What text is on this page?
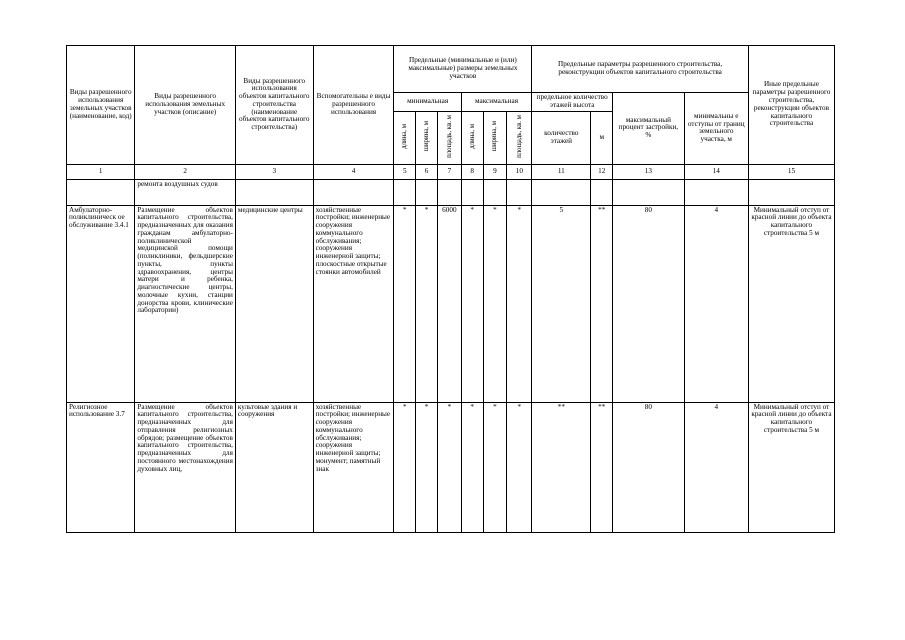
Виды разрешенного использования земельных участков (наименование, код)	Виды разрешенного использования земельных участков (описание)	Виды разрешенного использования объектов капитального строительства (наименование объектов капитального строительства)	Вспомогательны е виды разрешенного использования	Предельные (минимальные и (или) максимальные) размеры земельных участков						Предельные параметры разрешенного строительства, реконструкции объектов капитального строительства				Иные предельные параметры разрешенного строительства, реконструкции объектов капитального строительства
				минимальная			максимальная			предельное количество этажей высота		максимальный процент застройки, %	минимальны е отступы от границ земельного участка, м	
				длина, м	ширина, м	площадь, кв. м	длина, м	ширина, м	площадь, кв. м	количество этажей	м			
1	2	3	4	5	6	7	8	9	10	11	12	13	14	15
	ремонта воздушных судов													
Амбулаторно-поликлиническ ое обслуживание 3.4.1	Размещение объектов капитального строительства, предназначенных для оказания гражданам амбулаторно-поликлинической медицинской помощи (поликлиники, фельдшерские пункты, пункты здравоохранения, центры матери и ребенка, диагностические центры, молочные кухни, станции донорства крови, клинические лаборатории)	медицинские центры	хозяйственные постройки; инженерные сооружения коммунального обслуживания; сооружения инженерной защиты; плоскостные открытые стоянки автомобилей	*	*	6000	*	*	*	5	**	80	4	Минимальный отступ от красной линии до объекта капитального строительства 5 м
Религиозное использование 3.7	Размещение объектов капитального строительства, предназначенных для отправления религиозных обрядов; размещение объектов капитального строительства, предназначенных для постоянного местонахождения духовных лиц,	культовые здания и сооружения	хозяйственные постройки; инженерные сооружения коммунального обслуживания; сооружения инженерной защиты; монумент; памятный знак	*	*	*	*	*	*	**	**	80	4	Минимальный отступ от красной линии до объекта капитального строительства 5 м
